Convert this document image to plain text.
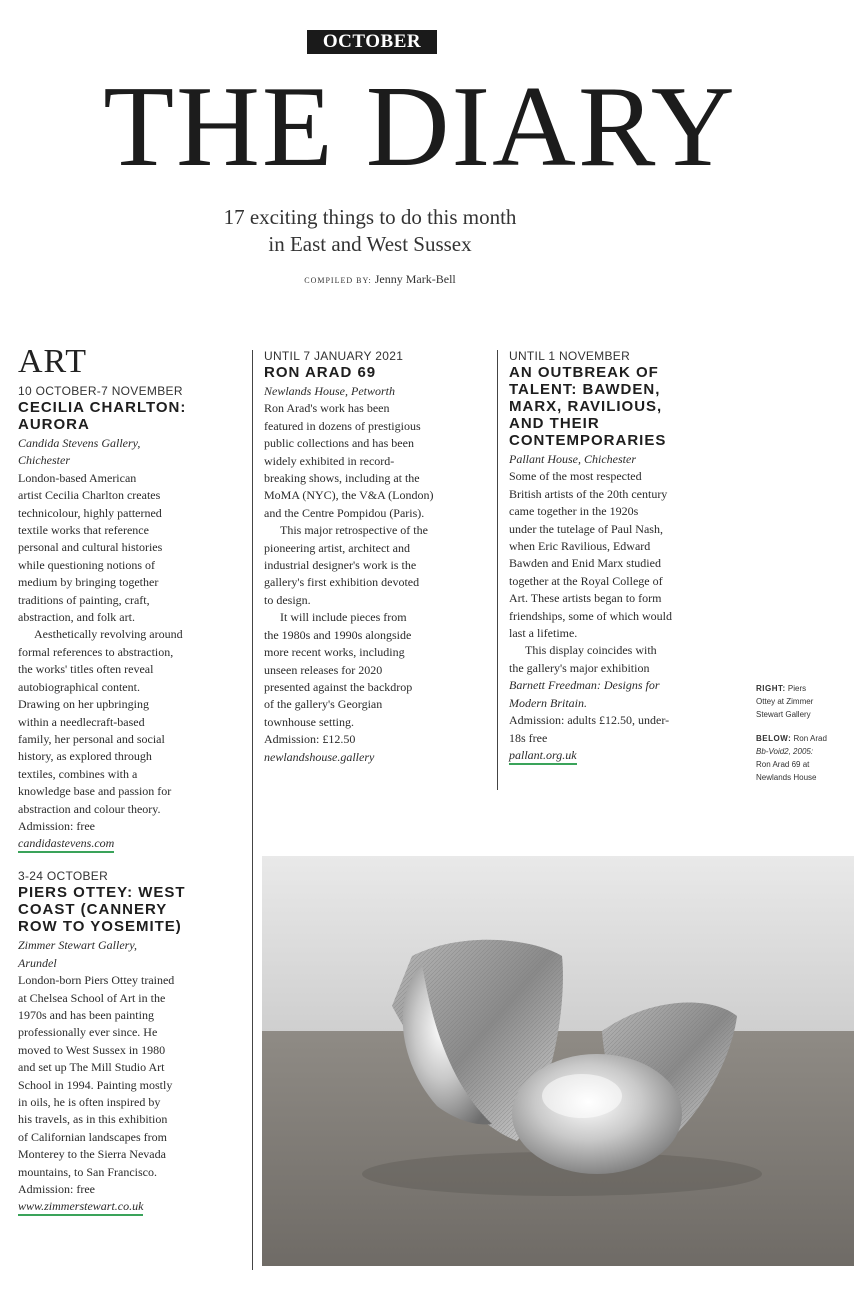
OCTOBER
THE DIARY
17 exciting things to do this month
in East and West Sussex
COMPILED BY: Jenny Mark-Bell
ART
10 OCTOBER-7 NOVEMBER
CECILIA CHARLTON:
AURORA
Candida Stevens Gallery,
Chichester

London-based American
artist Cecilia Charlton creates
technicolour, highly patterned
textile works that reference
personal and cultural histories
while questioning notions of
medium by bringing together
traditions of painting, craft,
abstraction, and folk art.

Aesthetically revolving around
formal references to abstraction,
the works' titles often reveal
autobiographical content.
Drawing on her upbringing
within a needlecraft-based
family, her personal and social
history, as explored through
textiles, combines with a
knowledge base and passion for
abstraction and colour theory.

Admission: free
candidastevens.com
3-24 OCTOBER
PIERS OTTEY: WEST
COAST (CANNERY
ROW TO YOSEMITE)
Zimmer Stewart Gallery,
Arundel

London-born Piers Ottey trained
at Chelsea School of Art in the
1970s and has been painting
professionally ever since. He
moved to West Sussex in 1980
and set up The Mill Studio Art
School in 1994. Painting mostly
in oils, he is often inspired by
his travels, as in this exhibition
of Californian landscapes from
Monterey to the Sierra Nevada
mountains, to San Francisco.

Admission: free
www.zimmerstewart.co.uk
UNTIL 7 JANUARY 2021
RON ARAD 69
Newlands House, Petworth

Ron Arad's work has been
featured in dozens of prestigious
public collections and has been
widely exhibited in record-
breaking shows, including at the
MoMA (NYC), the V&A (London)
and the Centre Pompidou (Paris).

This major retrospective of the
pioneering artist, architect and
industrial designer's work is the
gallery's first exhibition devoted
to design.

It will include pieces from
the 1980s and 1990s alongside
more recent works, including
unseen releases for 2020
presented against the backdrop
of the gallery's Georgian
townhouse setting.

Admission: £12.50
newlandshouse.gallery
UNTIL 1 NOVEMBER
AN OUTBREAK OF
TALENT: BAWDEN,
MARX, RAVILIOUS,
AND THEIR
CONTEMPORARIES
Pallant House, Chichester

Some of the most respected
British artists of the 20th century
came together in the 1920s
under the tutelage of Paul Nash,
when Eric Ravilious, Edward
Bawden and Enid Marx studied
together at the Royal College of
Art. These artists began to form
friendships, some of which would
last a lifetime.

This display coincides with
the gallery's major exhibition
Barnett Freedman: Designs for
Modern Britain.

Admission: adults £12.50, under-
18s free
pallant.org.uk
RIGHT: Piers
Ottey at Zimmer
Stewart Gallery
BELOW: Ron Arad
Bb-Void2, 2005:
Ron Arad 69 at
Newlands House
